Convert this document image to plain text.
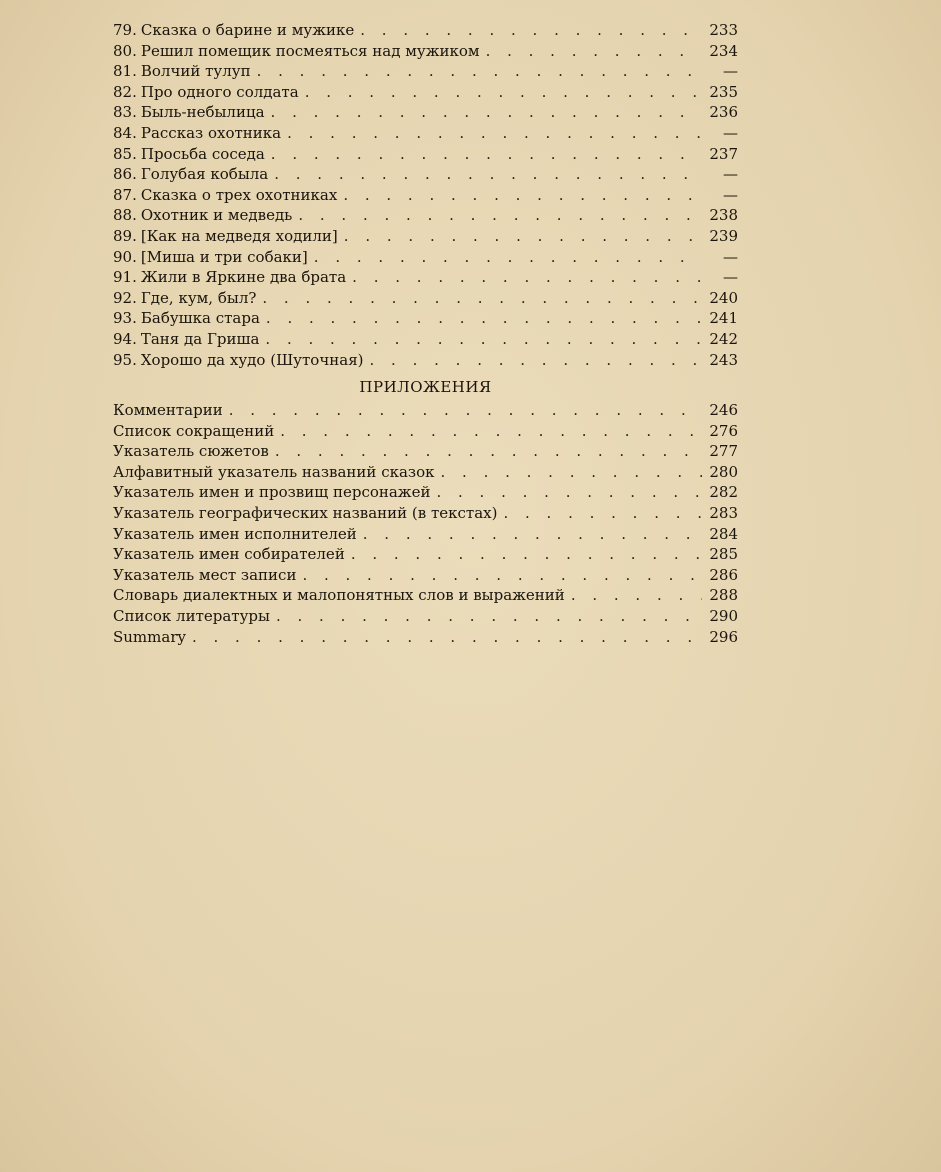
79. Сказка о барине и мужике . . .	233
80. Решил помещик посмеяться над мужиком . . .	234
81. Волчий тулуп . . .	—
82. Про одного солдата . . .	235
83. Быль-небылица . . .	236
84. Рассказ охотника . . .	—
85. Просьба соседа . . .	237
86. Голубая кобыла . . .	—
87. Сказка о трех охотниках . . .	—
88. Охотник и медведь . . .	238
89. [Как на медведя ходили] . . .	239
90. [Миша и три собаки] . . .	—
91. Жили в Яркине два брата . . .	—
92. Где, кум, был? . . .	240
93. Бабушка стара . . .	241
94. Таня да Гриша . . .	242
95. Хорошо да худо (Шуточная) . . .	243
ПРИЛОЖЕНИЯ
Комментарии . . .	246
Список сокращений . . .	276
Указатель сюжетов . . .	277
Алфавитный указатель названий сказок . . .	280
Указатель имен и прозвищ персонажей . . .	282
Указатель географических названий (в текстах) . . .	283
Указатель имен исполнителей . . .	284
Указатель имен собирателей . . .	285
Указатель мест записи . . .	286
Словарь диалектных и малопонятных слов и выражений . . .	288
Список литературы . . .	290
Summary . . .	296
